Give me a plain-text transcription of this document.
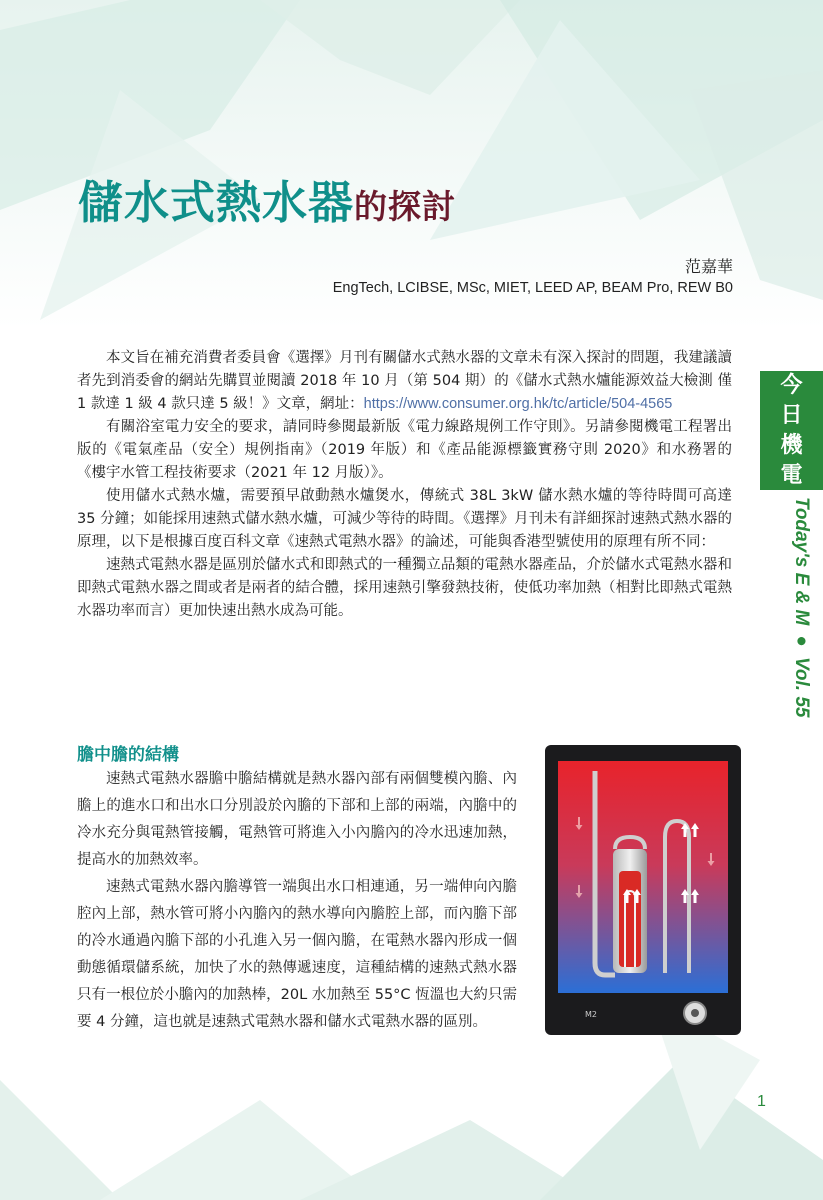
儲水式熱水器的探討
范嘉華
EngTech, LCIBSE, MSc, MIET, LEED AP, BEAM Pro, REW B0

本文旨在補充消費者委員會《選擇》月刊有關儲水式熱水器的文章未有深入探討的問題，我建議讀者先到消委會的網站先購買並閱讀 2018 年 10 月（第 504 期）的《儲水式熱水爐能源效益大檢測 僅 1 款達 1 級 4 款只達 5 級！》文章，網址：https://www.consumer.org.hk/tc/article/504-4565

有關浴室電力安全的要求，請同時參閱最新版《電力線路規例工作守則》。另請參閱機電工程署出版的《電氣產品（安全）規例指南》（2019 年版）和《產品能源標籤實務守則 2020》和水務署的《樓宇水管工程技術要求（2021 年 12 月版）》。

使用儲水式熱水爐，需要預早啟動熱水爐煲水，傳統式 38L 3kW 儲水熱水爐的等待時間可高達 35 分鐘；如能採用速熱式儲水熱水爐，可減少等待的時間。《選擇》月刊未有詳細探討速熱式熱水器的原理，以下是根據百度百科文章《速熱式電熱水器》的論述，可能與香港型號使用的原理有所不同：

速熱式電熱水器是區別於儲水式和即熱式的一種獨立品類的電熱水器產品，介於儲水式電熱水器和即熱式電熱水器之間或者是兩者的結合體，採用速熱引擎發熱技術，使低功率加熱（相對比即熱式電熱水器功率而言）更加快速出熱水成為可能。

膽中膽的結構

速熱式電熱水器膽中膽結構就是熱水器內部有兩個雙模內膽、內膽上的進水口和出水口分別設於內膽的下部和上部的兩端，內膽中的冷水充分與電熱管接觸，電熱管可將進入小內膽內的冷水迅速加熱，提高水的加熱效率。

速熱式電熱水器內膽導管一端與出水口相連通，另一端伸向內膽腔內上部，熱水管可將小內膽內的熱水導向內膽腔上部，而內膽下部的冷水通過內膽下部的小孔進入另一個內膽，在電熱水器內形成一個動態循環儲系統，加快了水的熱傳遞速度，這種結構的速熱式熱水器只有一根位於小膽內的加熱棒，20L 水加熱至 55°C 恆溫也大約只需要 4 分鐘，這也就是速熱式電熱水器和儲水式電熱水器的區別。	M2
今
日
機
電
Today's E & M ● Vol. 55
1
